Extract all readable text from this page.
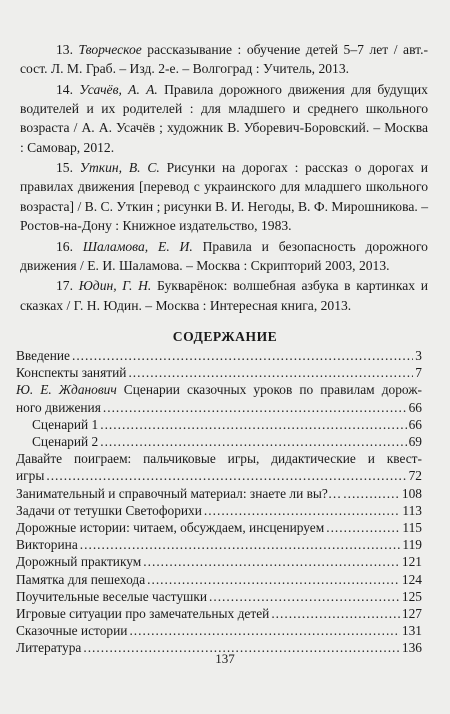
13. Творческое рассказывание : обучение детей 5–7 лет / авт.-сост. Л. М. Граб. – Изд. 2-е. – Волгоград : Учитель, 2013.

14. Усачёв, А. А. Правила дорожного движения для будущих водителей и их родителей : для младшего и среднего школьного возраста / А. А. Усачёв ; художник В. Уборевич-Боровский. – Москва : Самовар, 2012.

15. Уткин, В. С. Рисунки на дорогах : рассказ о дорогах и правилах движения [перевод с украинского для младшего школьного возраста] / В. С. Уткин ; рисунки В. И. Негоды, В. Ф. Мирошникова. – Ростов-на-Дону : Книжное издательство, 1983.

16. Шаламова, Е. И. Правила и безопасность дорожного движения / Е. И. Шаламова. – Москва : Скрипторий 2003, 2013.

17. Юдин, Г. Н. Букварёнок: волшебная азбука в картинках и сказках / Г. Н. Юдин. – Москва : Интересная книга, 2013.

СОДЕРЖАНИЕ
Введение .....	3
Конспекты занятий .....	7
Ю. Е. Жданович Сценарии сказочных уроков по правилам дорож-
ного движения .....	66
Сценарий 1 .....	66
Сценарий 2 .....	69
Давайте поиграем: пальчиковые игры, дидактические и квест-
игры .....	72
Занимательный и справочный материал: знаете ли вы?… .....	108
Задачи от тетушки Светофорихи .....	113
Дорожные истории: читаем, обсуждаем, инсценируем .....	115
Викторина .....	119
Дорожный практикум .....	121
Памятка для пешехода .....	124
Поучительные веселые частушки .....	125
Игровые ситуации про замечательных детей .....	127
Сказочные истории .....	131
Литература .....	136
137
